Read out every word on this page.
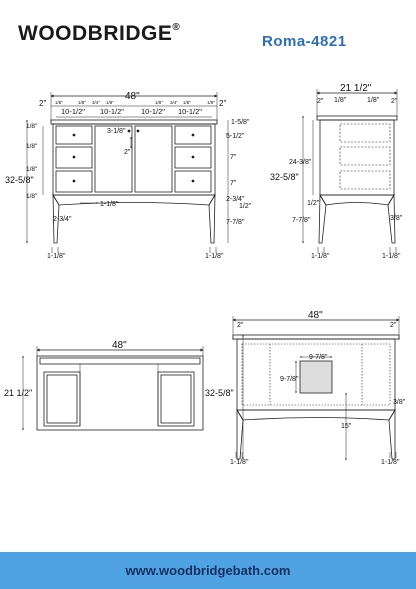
WOODBRIDGE®
Roma-4821
48"
2"	2"
1/8"	1/8" 3/4" 1/8"	1/8" 3/4" 1/8"	1/8"
10-1/2" 10-1/2" 10-1/2" 10-1/2"
3-1/8"
2"
32-5/8"
1/8"
1/8"
1/8"
1/8"
1-5/8"
5-1/2"
7"
7"
2-3/4"
1/2"
7-7/8"
2-3/4"
1-1/8"
1-1/8"	1-1/8"
21 1/2"
2" 1/8"	1/8" 2"
32-5/8"
24-3/8"
1/2"
7-7/8"	3/8"
1-1/8"	1-1/8"
48"
21 1/2"
48"
2"	2"
9-7/8"
9-7/8"
15"
32-5/8"
3/8"
1-1/8"	1-1/8"
www.woodbridgebath.com
